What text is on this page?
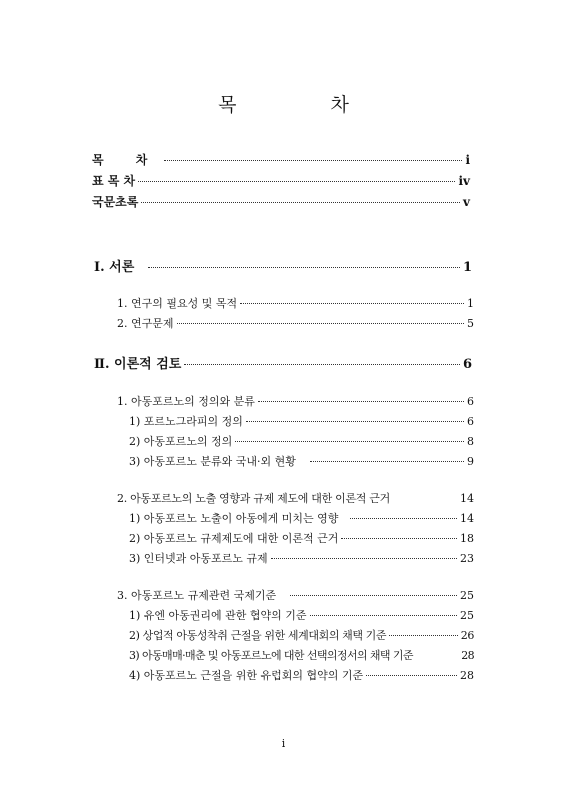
목 차
목 차	i
표 목 차	iv
국문초록	v
Ⅰ. 서론	1
1. 연구의 필요성 및 목적	1
2. 연구문제	5
Ⅱ. 이론적 검토	6
1. 아동포르노의 정의와 분류	6
1) 포르노그라피의 정의	6
2) 아동포르노의 정의	8
3) 아동포르노 분류와 국내·외 현황	9
2. 아동포르노의 노출 영향과 규제 제도에 대한 이론적 근거	14
1) 아동포르노 노출이 아동에게 미치는 영향	14
2) 아동포르노 규제제도에 대한 이론적 근거	18
3) 인터넷과 아동포르노 규제	23
3. 아동포르노 규제관련 국제기준	25
1) 유엔 아동권리에 관한 협약의 기준	25
2) 상업적 아동성착취 근절을 위한 세계대회의 채택 기준	26
3) 아동매매·매춘 및 아동포르노에 대한 선택의정서의 채택 기준	28
4) 아동포르노 근절을 위한 유럽회의 협약의 기준	28
i
